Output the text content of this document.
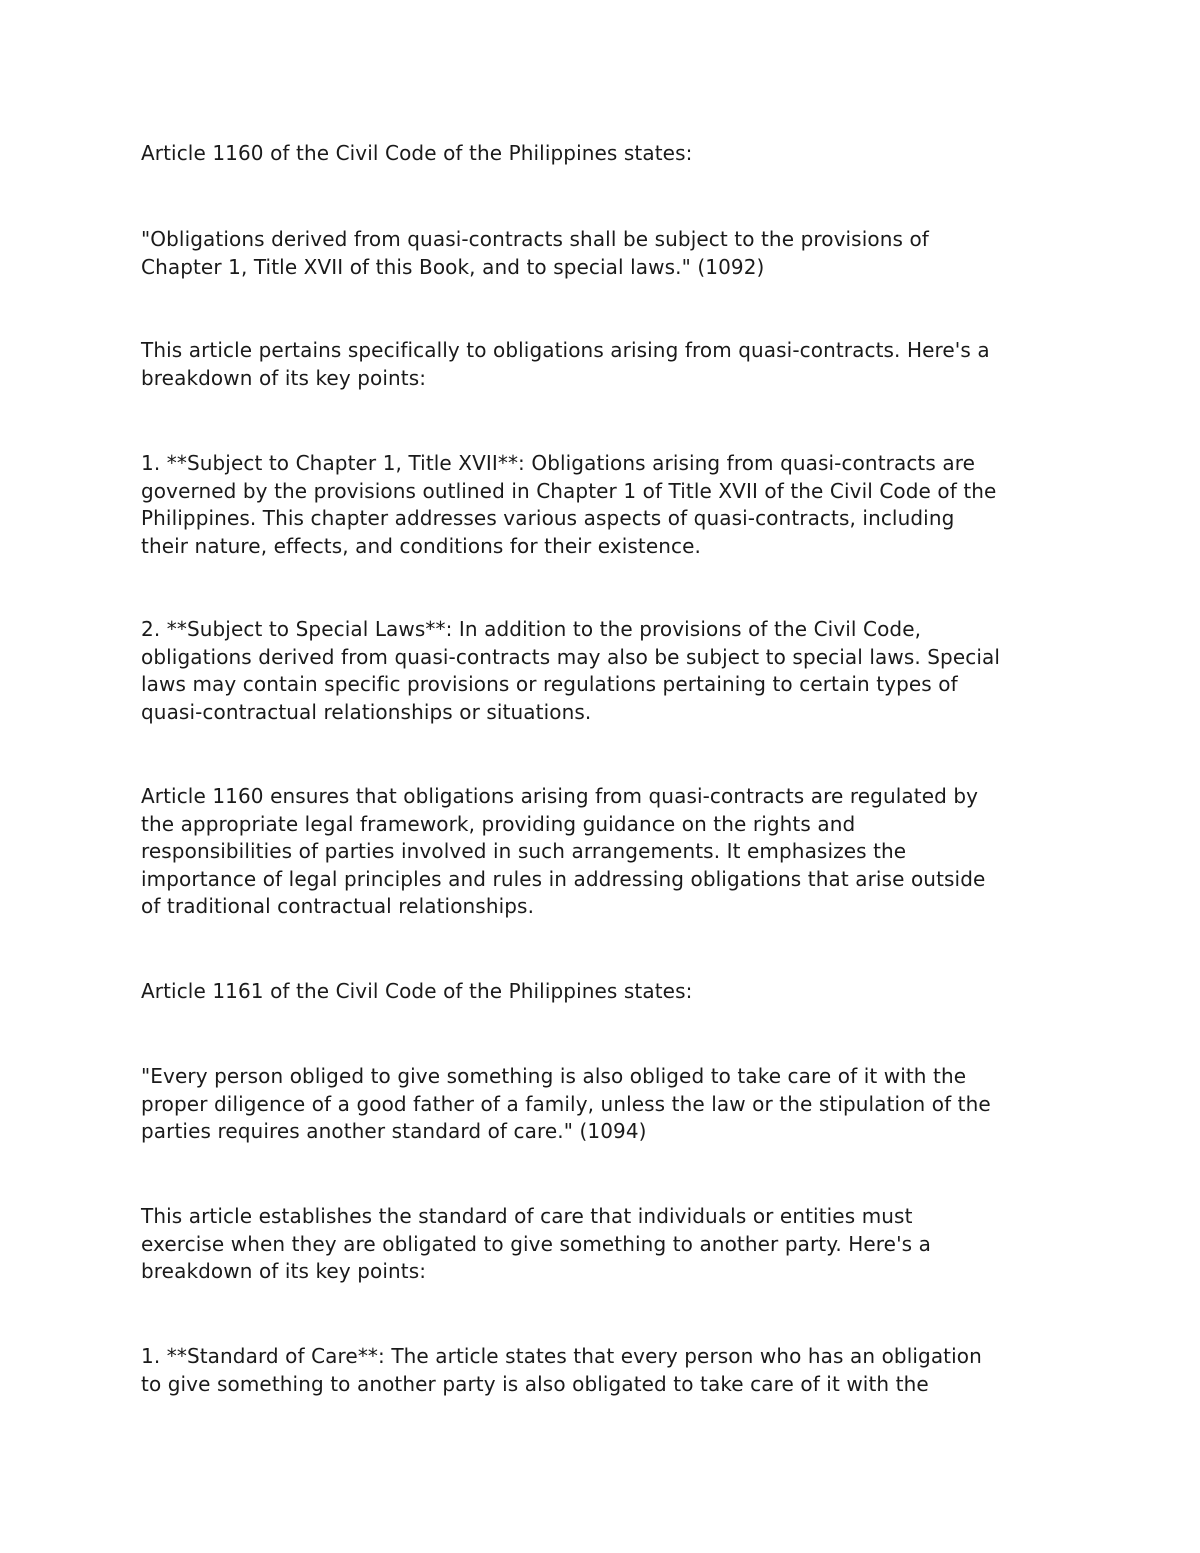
Article 1160 of the Civil Code of the Philippines states:

"Obligations derived from quasi-contracts shall be subject to the provisions of
Chapter 1, Title XVII of this Book, and to special laws." (1092)

This article pertains specifically to obligations arising from quasi-contracts. Here's a
breakdown of its key points:

1. **Subject to Chapter 1, Title XVII**: Obligations arising from quasi-contracts are
governed by the provisions outlined in Chapter 1 of Title XVII of the Civil Code of the
Philippines. This chapter addresses various aspects of quasi-contracts, including
their nature, effects, and conditions for their existence.

2. **Subject to Special Laws**: In addition to the provisions of the Civil Code,
obligations derived from quasi-contracts may also be subject to special laws. Special
laws may contain specific provisions or regulations pertaining to certain types of
quasi-contractual relationships or situations.

Article 1160 ensures that obligations arising from quasi-contracts are regulated by
the appropriate legal framework, providing guidance on the rights and
responsibilities of parties involved in such arrangements. It emphasizes the
importance of legal principles and rules in addressing obligations that arise outside
of traditional contractual relationships.

Article 1161 of the Civil Code of the Philippines states:

"Every person obliged to give something is also obliged to take care of it with the
proper diligence of a good father of a family, unless the law or the stipulation of the
parties requires another standard of care." (1094)

This article establishes the standard of care that individuals or entities must
exercise when they are obligated to give something to another party. Here's a
breakdown of its key points:

1. **Standard of Care**: The article states that every person who has an obligation
to give something to another party is also obligated to take care of it with the
